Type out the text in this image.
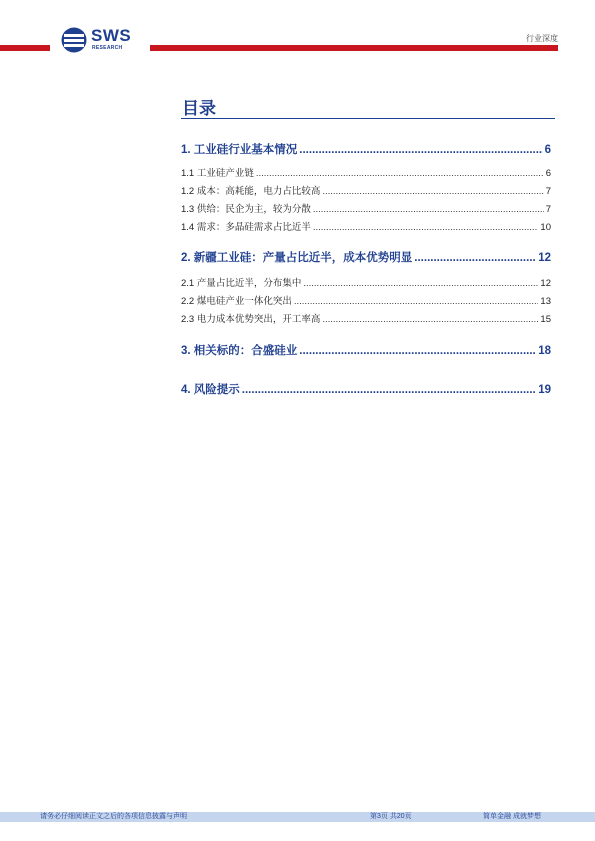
SWS
RESEARCH
行业深度
目录
1. 工业硅行业基本情况 .....	6
1.1 工业硅产业链 .....	6
1.2 成本：高耗能，电力占比较高 .....	7
1.3 供给：民企为主，较为分散 .....	7
1.4 需求：多晶硅需求占比近半 .....	10
2. 新疆工业硅：产量占比近半，成本优势明显 .....	12
2.1 产量占比近半，分布集中 .....	12
2.2 煤电硅产业一体化突出 .....	13
2.3 电力成本优势突出，开工率高 .....	15
3. 相关标的：合盛硅业 .....	18
4. 风险提示 .....	19
请务必仔细阅读正文之后的各项信息披露与声明	第3页 共20页	简单金融 成就梦想
